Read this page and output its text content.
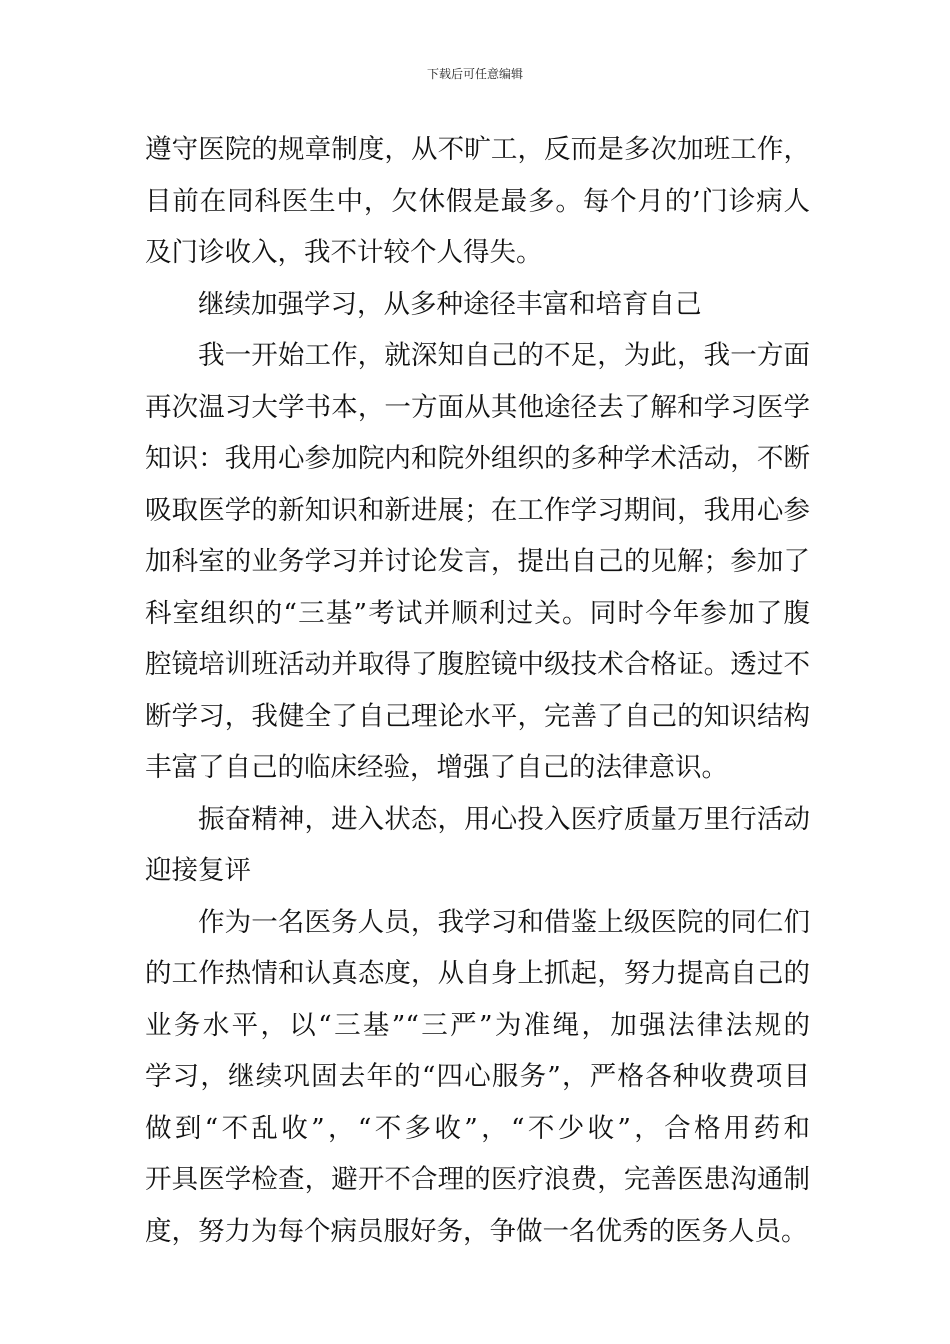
下载后可任意编辑
遵守医院的规章制度，从不旷工，反而是多次加班工作，
目前在同科医生中，欠休假是最多。每个月的’门诊病人
及门诊收入，我不计较个人得失。
继续加强学习，从多种途径丰富和培育自己
我一开始工作，就深知自己的不足，为此，我一方面
再次温习大学书本，一方面从其他途径去了解和学习医学
知识：我用心参加院内和院外组织的多种学术活动，不断
吸取医学的新知识和新进展；在工作学习期间，我用心参
加科室的业务学习并讨论发言，提出自己的见解；参加了
科室组织的“三基”考试并顺利过关。同时今年参加了腹
腔镜培训班活动并取得了腹腔镜中级技术合格证。透过不
断学习，我健全了自己理论水平，完善了自己的知识结构
丰富了自己的临床经验，增强了自己的法律意识。
振奋精神，进入状态，用心投入医疗质量万里行活动
迎接复评
作为一名医务人员，我学习和借鉴上级医院的同仁们
的工作热情和认真态度，从自身上抓起，努力提高自己的
业务水平，以“三基”“三严”为准绳，加强法律法规的
学习，继续巩固去年的“四心服务”，严格各种收费项目
做到“不乱收”，“不多收”，“不少收”，合格用药和
开具医学检查，避开不合理的医疗浪费，完善医患沟通制
度，努力为每个病员服好务，争做一名优秀的医务人员。
